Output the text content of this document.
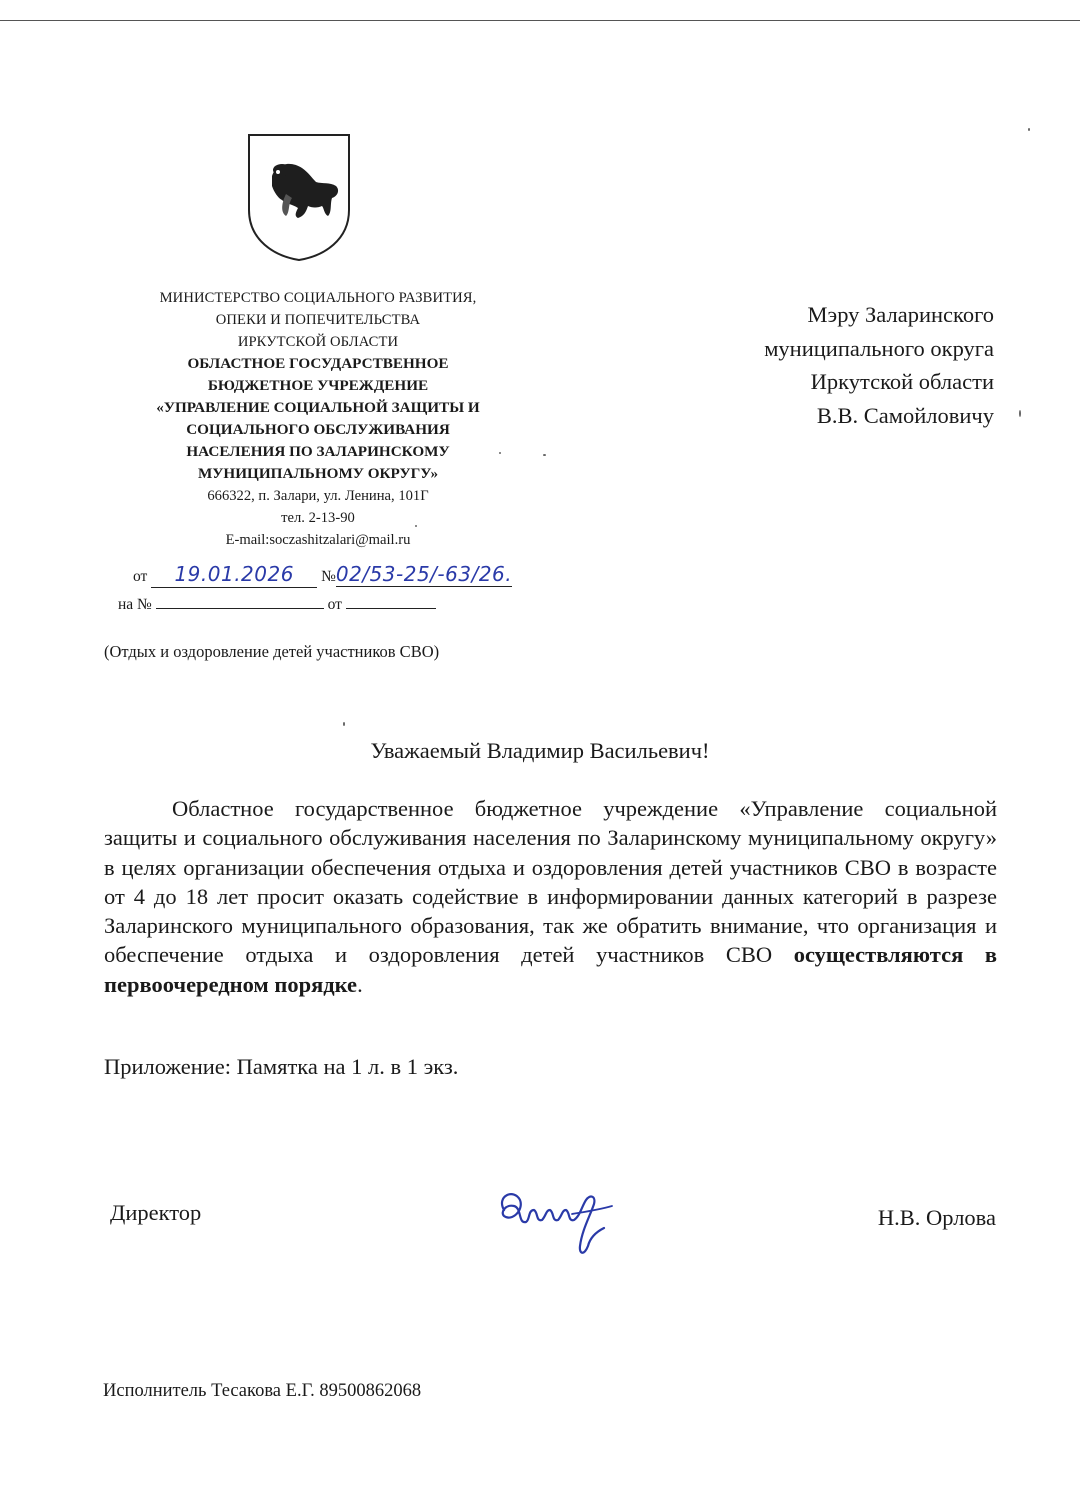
МИНИСТЕРСТВО СОЦИАЛЬНОГО РАЗВИТИЯ,
ОПЕКИ И ПОПЕЧИТЕЛЬСТВА
ИРКУТСКОЙ ОБЛАСТИ
ОБЛАСТНОЕ ГОСУДАРСТВЕННОЕ
БЮДЖЕТНОЕ УЧРЕЖДЕНИЕ
«УПРАВЛЕНИЕ СОЦИАЛЬНОЙ ЗАЩИТЫ И
СОЦИАЛЬНОГО ОБСЛУЖИВАНИЯ
НАСЕЛЕНИЯ ПО ЗАЛАРИНСКОМУ
МУНИЦИПАЛЬНОМУ ОКРУГУ»
666322, п. Залари, ул. Ленина, 101Г
тел. 2-13-90
E-mail:soczashitzalari@mail.ru
от 19.01.2026 №02/53-25/-63/26.
на №	от
(Отдых и оздоровление детей участников СВО)
Мэру Заларинского
муниципального округа
Иркутской области
В.В. Самойловичу
Уважаемый Владимир Васильевич!
Областное государственное бюджетное учреждение «Управление социальной защиты и социального обслуживания населения по Заларинскому муниципальному округу» в целях организации обеспечения отдыха и оздоровления детей участников СВО в возрасте от 4 до 18 лет просит оказать содействие в информировании данных категорий в разрезе Заларинского муниципального образования, так же обратить внимание, что организация и обеспечение отдыха и оздоровления детей участников СВО осуществляются в первоочередном порядке.
Приложение: Памятка на 1 л. в 1 экз.
Директор	Н.В. Орлова
Исполнитель Тесакова Е.Г. 89500862068
